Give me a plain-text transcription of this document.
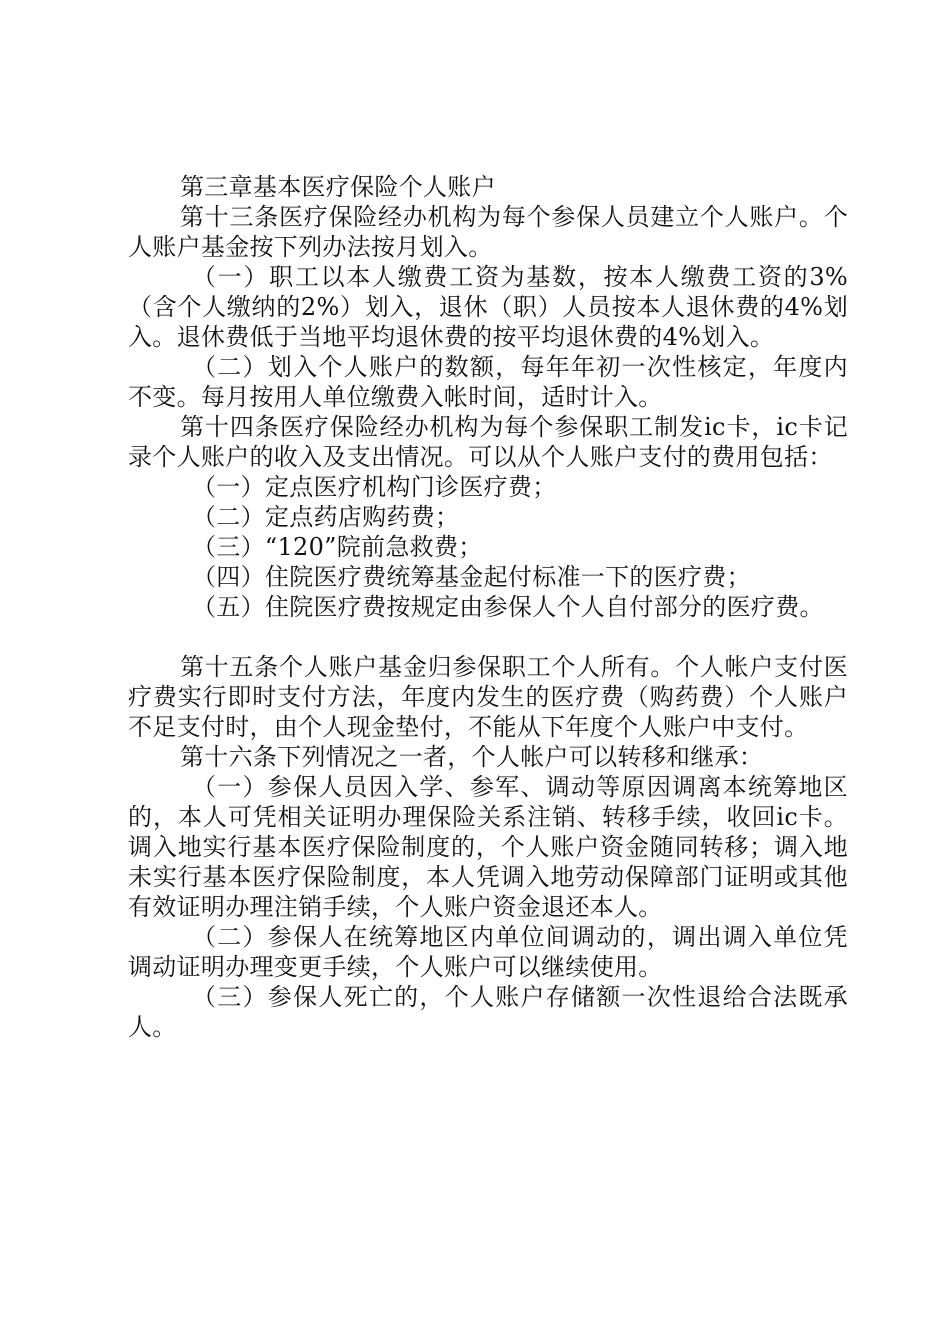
第三章基本医疗保险个人账户

第十三条医疗保险经办机构为每个参保人员建立个人账户。个人账户基金按下列办法按月划入。

（一）职工以本人缴费工资为基数，按本人缴费工资的3%（含个人缴纳的2%）划入，退休（职）人员按本人退休费的4%划入。退休费低于当地平均退休费的按平均退休费的4%划入。

（二）划入个人账户的数额，每年年初一次性核定，年度内不变。每月按用人单位缴费入帐时间，适时计入。

第十四条医疗保险经办机构为每个参保职工制发ic卡，ic卡记录个人账户的收入及支出情况。可以从个人账户支付的费用包括：

（一）定点医疗机构门诊医疗费；

（二）定点药店购药费；

（三）“120”院前急救费；

（四）住院医疗费统筹基金起付标准一下的医疗费；

（五）住院医疗费按规定由参保人个人自付部分的医疗费。

第十五条个人账户基金归参保职工个人所有。个人帐户支付医疗费实行即时支付方法，年度内发生的医疗费（购药费）个人账户不足支付时，由个人现金垫付，不能从下年度个人账户中支付。

第十六条下列情况之一者，个人帐户可以转移和继承：

（一）参保人员因入学、参军、调动等原因调离本统筹地区的，本人可凭相关证明办理保险关系注销、转移手续，收回ic卡。调入地实行基本医疗保险制度的，个人账户资金随同转移；调入地未实行基本医疗保险制度，本人凭调入地劳动保障部门证明或其他有效证明办理注销手续，个人账户资金退还本人。

（二）参保人在统筹地区内单位间调动的，调出调入单位凭调动证明办理变更手续，个人账户可以继续使用。

（三）参保人死亡的，个人账户存储额一次性退给合法既承人。
